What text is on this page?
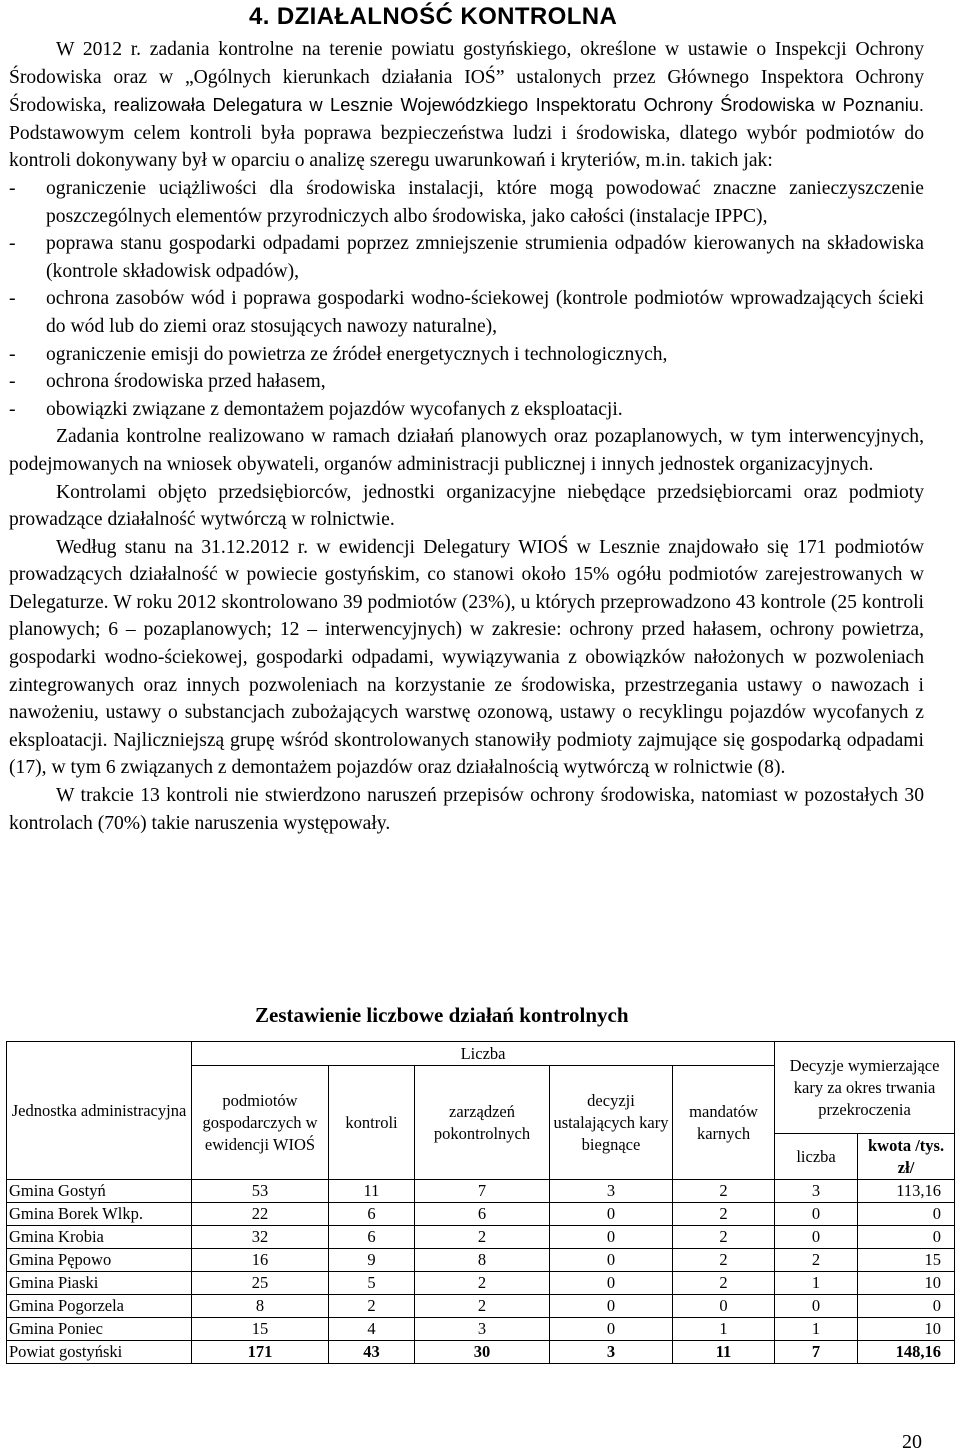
4. DZIAŁALNOŚĆ KONTROLNA

W 2012 r. zadania kontrolne na terenie powiatu gostyńskiego, określone w ustawie o Inspekcji Ochrony Środowiska oraz w „Ogólnych kierunkach działania IOŚ” ustalonych przez Głównego Inspektora Ochrony Środowiska, realizowała Delegatura w Lesznie Wojewódzkiego Inspektoratu Ochrony Środowiska w Poznaniu. Podstawowym celem kontroli była poprawa bezpieczeństwa ludzi i środowiska, dlatego wybór podmiotów do kontroli dokonywany był w oparciu o analizę szeregu uwarunkowań i kryteriów, m.in. takich jak:

- ograniczenie uciążliwości dla środowiska instalacji, które mogą powodować znaczne zanieczyszczenie poszczególnych elementów przyrodniczych albo środowiska, jako całości (instalacje IPPC),
- poprawa stanu gospodarki odpadami poprzez zmniejszenie strumienia odpadów kierowanych na składowiska (kontrole składowisk odpadów),
- ochrona zasobów wód i poprawa gospodarki wodno-ściekowej (kontrole podmiotów wprowadzających ścieki do wód lub do ziemi oraz stosujących nawozy naturalne),
- ograniczenie emisji do powietrza ze źródeł energetycznych i technologicznych,
- ochrona środowiska przed hałasem,
- obowiązki związane z demontażem pojazdów wycofanych z eksploatacji.

Zadania kontrolne realizowano w ramach działań planowych oraz pozaplanowych, w tym interwencyjnych, podejmowanych na wniosek obywateli, organów administracji publicznej i innych jednostek organizacyjnych.

Kontrolami objęto przedsiębiorców, jednostki organizacyjne niebędące przedsiębiorcami oraz podmioty prowadzące działalność wytwórczą w rolnictwie.

Według stanu na 31.12.2012 r. w ewidencji Delegatury WIOŚ w Lesznie znajdowało się 171 podmiotów prowadzących działalność w powiecie gostyńskim, co stanowi około 15% ogółu podmiotów zarejestrowanych w Delegaturze. W roku 2012 skontrolowano 39 podmiotów (23%), u których przeprowadzono 43 kontrole (25 kontroli planowych; 6 – pozaplanowych; 12 – interwencyjnych) w zakresie: ochrony przed hałasem, ochrony powietrza, gospodarki wodno-ściekowej, gospodarki odpadami, wywiązywania z obowiązków nałożonych w pozwoleniach zintegrowanych oraz innych pozwoleniach na korzystanie ze środowiska, przestrzegania ustawy o nawozach i nawożeniu, ustawy o substancjach zubożających warstwę ozonową, ustawy o recyklingu pojazdów wycofanych z eksploatacji. Najliczniejszą grupę wśród skontrolowanych stanowiły podmioty zajmujące się gospodarką odpadami (17), w tym 6 związanych z demontażem pojazdów oraz działalnością wytwórczą w rolnictwie (8).

W trakcie 13 kontroli nie stwierdzono naruszeń przepisów ochrony środowiska, natomiast w pozostałych 30 kontrolach (70%) takie naruszenia występowały.

Zestawienie liczbowe działań kontrolnych
Jednostka administracyjna	Liczba					Decyzje wymierzające kary za okres trwania przekroczenia	
	podmiotów gospodarczych w ewidencji WIOŚ	kontroli	zarządzeń pokontrolnych	decyzji ustalających kary biegnące	mandatów karnych		
						liczba	kwota /tys. zł/
Gmina Gostyń	53	11	7	3	2	3	113,16
Gmina Borek Wlkp.	22	6	6	0	2	0	0
Gmina Krobia	32	6	2	0	2	0	0
Gmina Pępowo	16	9	8	0	2	2	15
Gmina Piaski	25	5	2	0	2	1	10
Gmina Pogorzela	8	2	2	0	0	0	0
Gmina Poniec	15	4	3	0	1	1	10
Powiat gostyński	171	43	30	3	11	7	148,16
20
